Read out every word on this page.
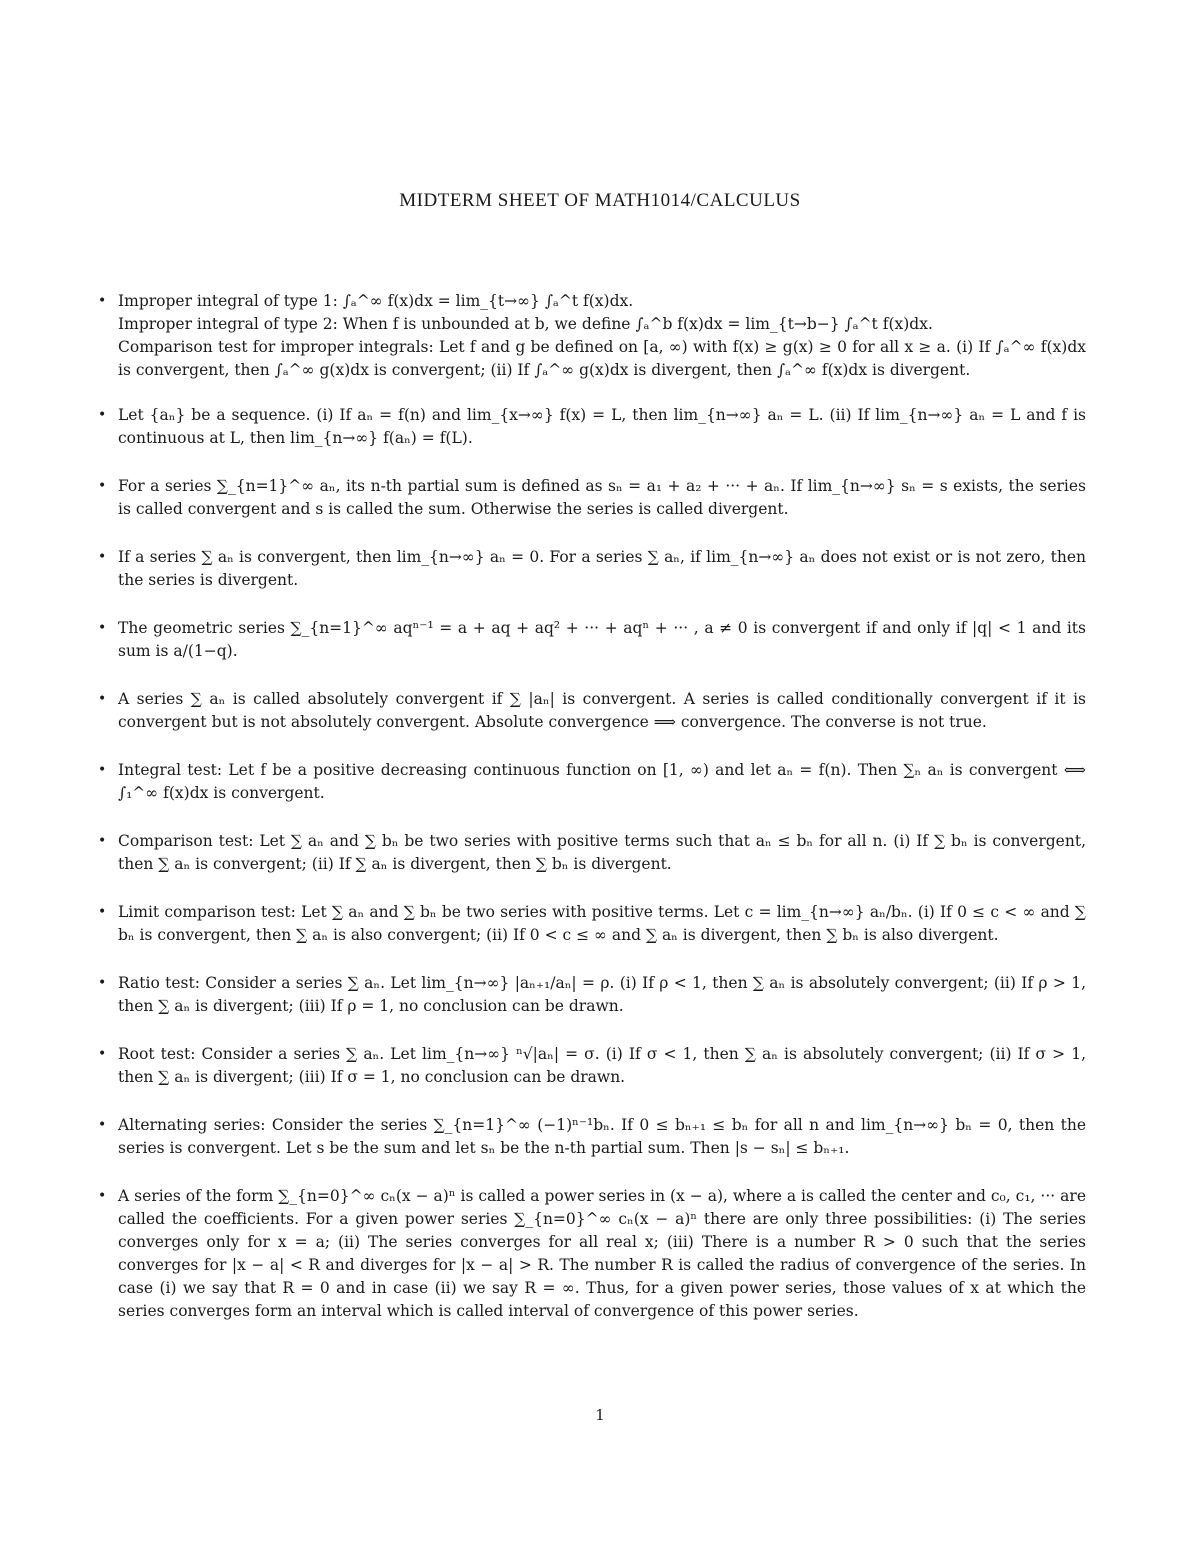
MIDTERM SHEET OF MATH1014/CALCULUS
• Improper integral of type 1: ∫ₐ^∞ f(x)dx = lim_{t→∞} ∫ₐ^t f(x)dx.
Improper integral of type 2: When f is unbounded at b, we define ∫ₐ^b f(x)dx = lim_{t→b−} ∫ₐ^t f(x)dx.
Comparison test for improper integrals: Let f and g be defined on [a, ∞) with f(x) ≥ g(x) ≥ 0 for all x ≥ a. (i) If ∫ₐ^∞ f(x)dx is convergent, then ∫ₐ^∞ g(x)dx is convergent; (ii) If ∫ₐ^∞ g(x)dx is divergent, then ∫ₐ^∞ f(x)dx is divergent.
• Let {aₙ} be a sequence. (i) If aₙ = f(n) and lim_{x→∞} f(x) = L, then lim_{n→∞} aₙ = L. (ii) If lim_{n→∞} aₙ = L and f is continuous at L, then lim_{n→∞} f(aₙ) = f(L).
• For a series ∑_{n=1}^∞ aₙ, its n-th partial sum is defined as sₙ = a₁ + a₂ + ··· + aₙ. If lim_{n→∞} sₙ = s exists, the series is called convergent and s is called the sum. Otherwise the series is called divergent.
• If a series ∑ aₙ is convergent, then lim_{n→∞} aₙ = 0. For a series ∑ aₙ, if lim_{n→∞} aₙ does not exist or is not zero, then the series is divergent.
• The geometric series ∑_{n=1}^∞ aqⁿ⁻¹ = a + aq + aq² + ··· + aqⁿ + ··· , a ≠ 0 is convergent if and only if |q| < 1 and its sum is a/(1−q).
• A series ∑ aₙ is called absolutely convergent if ∑ |aₙ| is convergent. A series is called conditionally convergent if it is convergent but is not absolutely convergent. Absolute convergence ⟹ convergence. The converse is not true.
• Integral test: Let f be a positive decreasing continuous function on [1, ∞) and let aₙ = f(n). Then ∑ₙ aₙ is convergent ⟺ ∫₁^∞ f(x)dx is convergent.
• Comparison test: Let ∑ aₙ and ∑ bₙ be two series with positive terms such that aₙ ≤ bₙ for all n. (i) If ∑ bₙ is convergent, then ∑ aₙ is convergent; (ii) If ∑ aₙ is divergent, then ∑ bₙ is divergent.
• Limit comparison test: Let ∑ aₙ and ∑ bₙ be two series with positive terms. Let c = lim_{n→∞} aₙ/bₙ. (i) If 0 ≤ c < ∞ and ∑ bₙ is convergent, then ∑ aₙ is also convergent; (ii) If 0 < c ≤ ∞ and ∑ aₙ is divergent, then ∑ bₙ is also divergent.
• Ratio test: Consider a series ∑ aₙ. Let lim_{n→∞} |aₙ₊₁/aₙ| = ρ. (i) If ρ < 1, then ∑ aₙ is absolutely convergent; (ii) If ρ > 1, then ∑ aₙ is divergent; (iii) If ρ = 1, no conclusion can be drawn.
• Root test: Consider a series ∑ aₙ. Let lim_{n→∞} ⁿ√|aₙ| = σ. (i) If σ < 1, then ∑ aₙ is absolutely convergent; (ii) If σ > 1, then ∑ aₙ is divergent; (iii) If σ = 1, no conclusion can be drawn.
• Alternating series: Consider the series ∑_{n=1}^∞ (−1)ⁿ⁻¹bₙ. If 0 ≤ bₙ₊₁ ≤ bₙ for all n and lim_{n→∞} bₙ = 0, then the series is convergent. Let s be the sum and let sₙ be the n-th partial sum. Then |s − sₙ| ≤ bₙ₊₁.
• A series of the form ∑_{n=0}^∞ cₙ(x − a)ⁿ is called a power series in (x − a), where a is called the center and c₀, c₁, ··· are called the coefficients. For a given power series ∑_{n=0}^∞ cₙ(x − a)ⁿ there are only three possibilities: (i) The series converges only for x = a; (ii) The series converges for all real x; (iii) There is a number R > 0 such that the series converges for |x − a| < R and diverges for |x − a| > R. The number R is called the radius of convergence of the series. In case (i) we say that R = 0 and in case (ii) we say R = ∞. Thus, for a given power series, those values of x at which the series converges form an interval which is called interval of convergence of this power series.
1
